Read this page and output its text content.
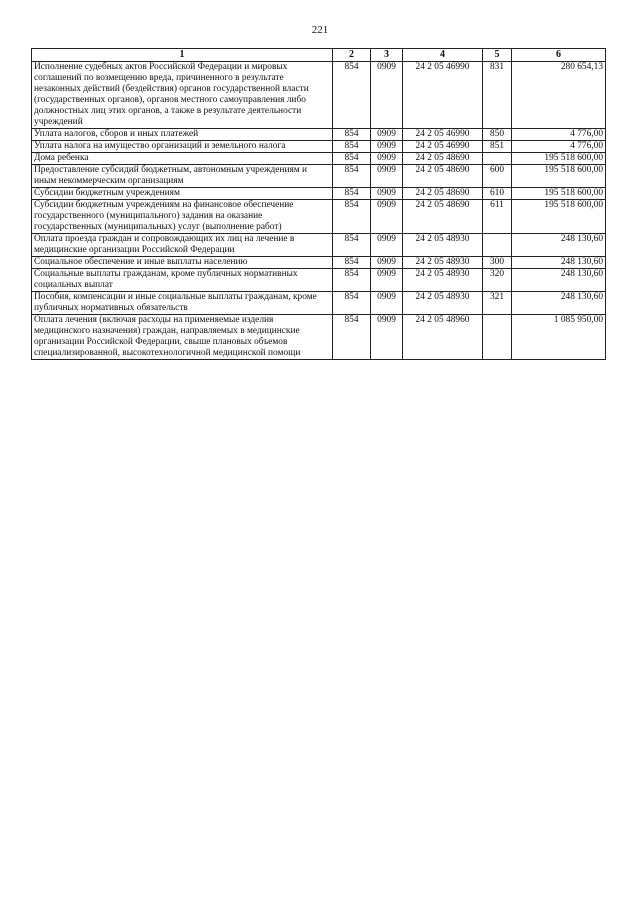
221
1	2	3	4	5	6
Исполнение судебных актов Российской Федерации и мировых соглашений по возмещению вреда, причиненного в результате незаконных действий (бездействия) органов государственной власти (государственных органов), органов местного самоуправления либо должностных лиц этих органов, а также в результате деятельности учреждений	854	0909	24 2 05 46990	831	280 654,13
Уплата налогов, сборов и иных платежей	854	0909	24 2 05 46990	850	4 776,00
Уплата налога на имущество организаций и земельного налога	854	0909	24 2 05 46990	851	4 776,00
Дома ребенка	854	0909	24 2 05 48690		195 518 600,00
Предоставление субсидий бюджетным, автономным учреждениям и иным некоммерческим организациям	854	0909	24 2 05 48690	600	195 518 600,00
Субсидии бюджетным учреждениям	854	0909	24 2 05 48690	610	195 518 600,00
Субсидии бюджетным учреждениям на финансовое обеспечение государственного (муниципального) задания на оказание государственных (муниципальных) услуг (выполнение работ)	854	0909	24 2 05 48690	611	195 518 600,00
Оплата проезда граждан и сопровождающих их лиц на лечение в медицинские организации Российской Федерации	854	0909	24 2 05 48930		248 130,60
Социальное обеспечение и иные выплаты населению	854	0909	24 2 05 48930	300	248 130,60
Социальные выплаты гражданам, кроме публичных нормативных социальных выплат	854	0909	24 2 05 48930	320	248 130,60
Пособия, компенсации и иные социальные выплаты гражданам, кроме публичных нормативных обязательств	854	0909	24 2 05 48930	321	248 130,60
Оплата лечения (включая расходы на применяемые изделия медицинского назначения) граждан, направляемых в медицинские организации Российской Федерации, свыше плановых объемов специализированной, высокотехнологичной медицинской помощи	854	0909	24 2 05 48960		1 085 950,00
